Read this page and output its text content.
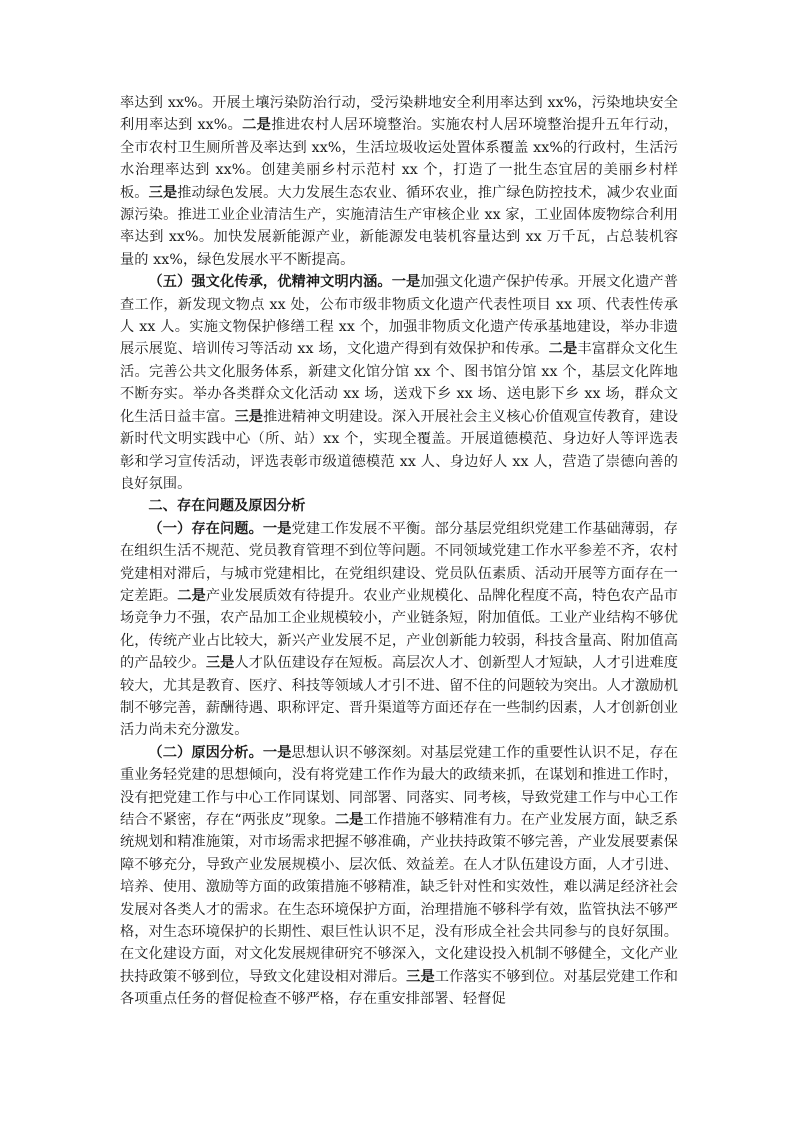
率达到 xx%。开展土壤污染防治行动，受污染耕地安全利用率达到 xx%，污染地块安全利用率达到 xx%。二是推进农村人居环境整治。实施农村人居环境整治提升五年行动，全市农村卫生厕所普及率达到 xx%，生活垃圾收运处置体系覆盖 xx%的行政村，生活污水治理率达到 xx%。创建美丽乡村示范村 xx 个，打造了一批生态宜居的美丽乡村样板。三是推动绿色发展。大力发展生态农业、循环农业，推广绿色防控技术，减少农业面源污染。推进工业企业清洁生产，实施清洁生产审核企业 xx 家，工业固体废物综合利用率达到 xx%。加快发展新能源产业，新能源发电装机容量达到 xx 万千瓦，占总装机容量的 xx%，绿色发展水平不断提高。

（五）强文化传承，优精神文明内涵。一是加强文化遗产保护传承。开展文化遗产普查工作，新发现文物点 xx 处，公布市级非物质文化遗产代表性项目 xx 项、代表性传承人 xx 人。实施文物保护修缮工程 xx 个，加强非物质文化遗产传承基地建设，举办非遗展示展览、培训传习等活动 xx 场，文化遗产得到有效保护和传承。二是丰富群众文化生活。完善公共文化服务体系，新建文化馆分馆 xx 个、图书馆分馆 xx 个，基层文化阵地不断夯实。举办各类群众文化活动 xx 场，送戏下乡 xx 场、送电影下乡 xx 场，群众文化生活日益丰富。三是推进精神文明建设。深入开展社会主义核心价值观宣传教育，建设新时代文明实践中心（所、站）xx 个，实现全覆盖。开展道德模范、身边好人等评选表彰和学习宣传活动，评选表彰市级道德模范 xx 人、身边好人 xx 人，营造了崇德向善的良好氛围。

二、存在问题及原因分析

（一）存在问题。一是党建工作发展不平衡。部分基层党组织党建工作基础薄弱，存在组织生活不规范、党员教育管理不到位等问题。不同领域党建工作水平参差不齐，农村党建相对滞后，与城市党建相比，在党组织建设、党员队伍素质、活动开展等方面存在一定差距。二是产业发展质效有待提升。农业产业规模化、品牌化程度不高，特色农产品市场竞争力不强，农产品加工企业规模较小，产业链条短，附加值低。工业产业结构不够优化，传统产业占比较大，新兴产业发展不足，产业创新能力较弱，科技含量高、附加值高的产品较少。三是人才队伍建设存在短板。高层次人才、创新型人才短缺，人才引进难度较大，尤其是教育、医疗、科技等领域人才引不进、留不住的问题较为突出。人才激励机制不够完善，薪酬待遇、职称评定、晋升渠道等方面还存在一些制约因素，人才创新创业活力尚未充分激发。

（二）原因分析。一是思想认识不够深刻。对基层党建工作的重要性认识不足，存在重业务轻党建的思想倾向，没有将党建工作作为最大的政绩来抓，在谋划和推进工作时，没有把党建工作与中心工作同谋划、同部署、同落实、同考核，导致党建工作与中心工作结合不紧密，存在“两张皮”现象。二是工作措施不够精准有力。在产业发展方面，缺乏系统规划和精准施策，对市场需求把握不够准确，产业扶持政策不够完善，产业发展要素保障不够充分，导致产业发展规模小、层次低、效益差。在人才队伍建设方面，人才引进、培养、使用、激励等方面的政策措施不够精准，缺乏针对性和实效性，难以满足经济社会发展对各类人才的需求。在生态环境保护方面，治理措施不够科学有效，监管执法不够严格，对生态环境保护的长期性、艰巨性认识不足，没有形成全社会共同参与的良好氛围。在文化建设方面，对文化发展规律研究不够深入，文化建设投入机制不够健全，文化产业扶持政策不够到位，导致文化建设相对滞后。三是工作落实不够到位。对基层党建工作和各项重点任务的督促检查不够严格，存在重安排部署、轻督促
